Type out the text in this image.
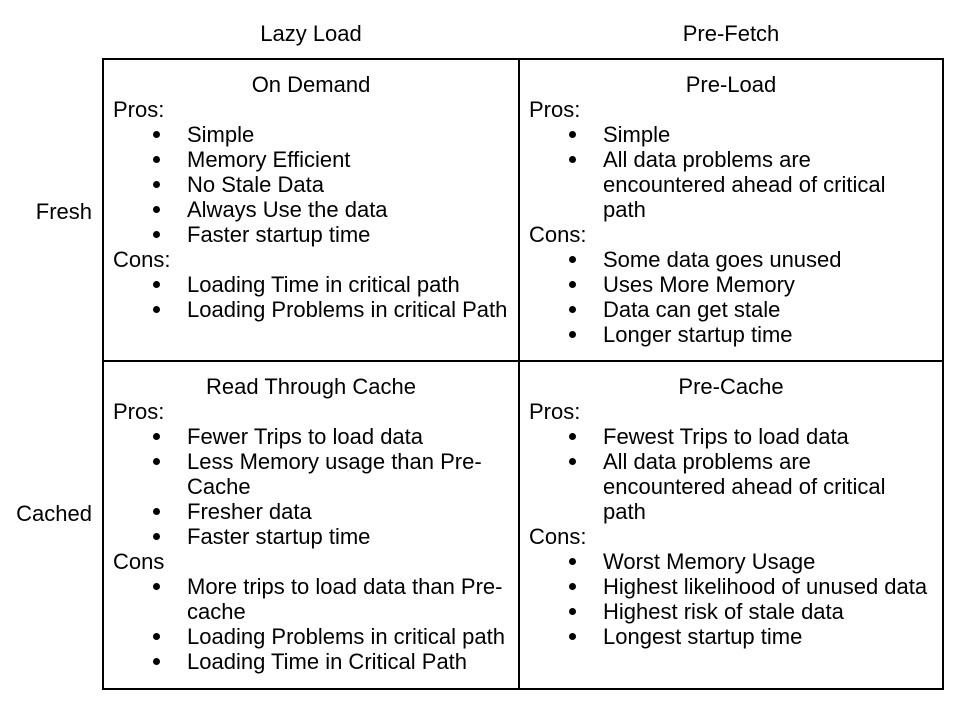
Lazy Load	Pre-Fetch
Fresh
Cached
On Demand
Pros:
Simple
Memory Efficient
No Stale Data
Always Use the data
Faster startup time
Cons:
Loading Time in critical path
Loading Problems in critical Path
Pre-Load
Pros:
Simple
All data problems are encountered ahead of critical path
Cons:
Some data goes unused
Uses More Memory
Data can get stale
Longer startup time
Read Through Cache
Pros:
Fewer Trips to load data
Less Memory usage than Pre-Cache
Fresher data
Faster startup time
Cons
More trips to load data than Pre-cache
Loading Problems in critical path
Loading Time in Critical Path
Pre-Cache
Pros:
Fewest Trips to load data
All data problems are encountered ahead of critical path
Cons:
Worst Memory Usage
Highest likelihood of unused data
Highest risk of stale data
Longest startup time
